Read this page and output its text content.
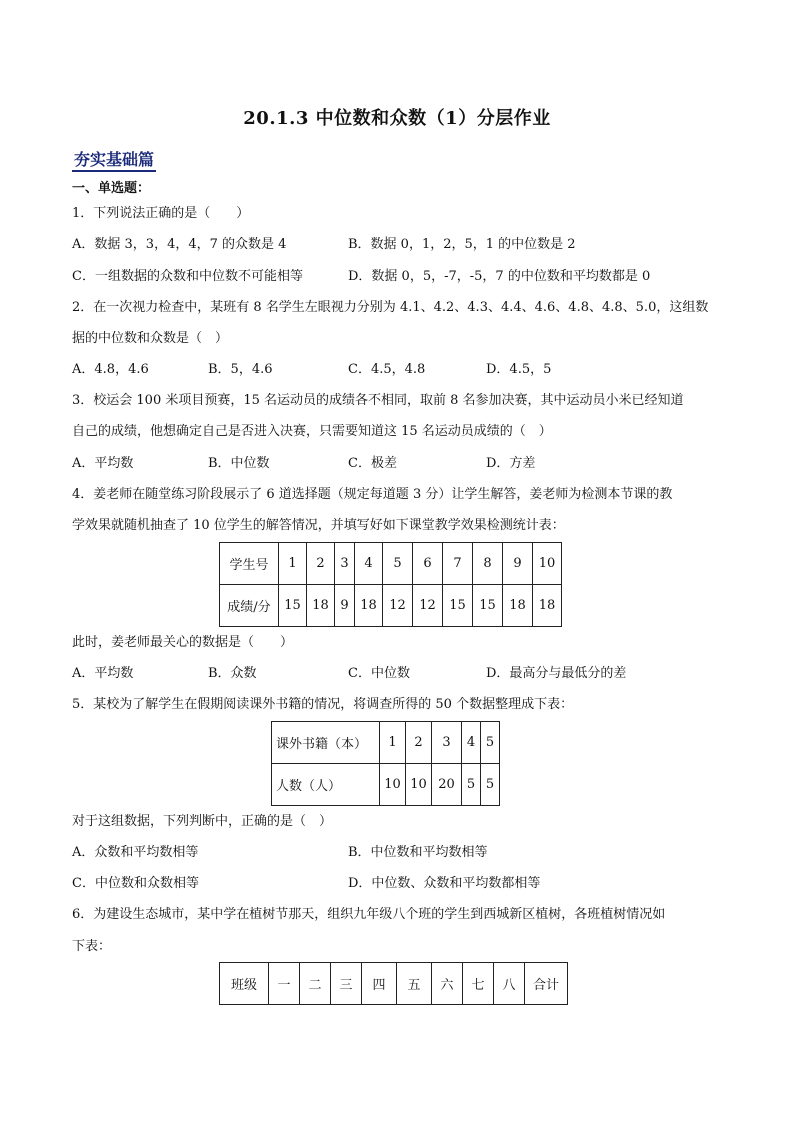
20.1.3 中位数和众数（1）分层作业
夯实基础篇
一、单选题：
1．下列说法正确的是（　　）
A．数据 3，3，4，4，7 的众数是 4	B．数据 0，1，2，5，1 的中位数是 2
C．一组数据的众数和中位数不可能相等	D．数据 0，5，-7，-5，7 的中位数和平均数都是 0
2．在一次视力检查中，某班有 8 名学生左眼视力分别为 4.1、4.2、4.3、4.4、4.6、4.8、4.8、5.0，这组数
据的中位数和众数是（　）
A．4.8，4.6	B．5，4.6	C．4.5，4.8	D．4.5，5
3．校运会 100 米项目预赛，15 名运动员的成绩各不相同，取前 8 名参加决赛，其中运动员小米已经知道
自己的成绩，他想确定自己是否进入决赛，只需要知道这 15 名运动员成绩的（　）
A．平均数	B．中位数	C．极差	D．方差
4．姜老师在随堂练习阶段展示了 6 道选择题（规定每道题 3 分）让学生解答，姜老师为检测本节课的教
学效果就随机抽查了 10 位学生的解答情况，并填写好如下课堂教学效果检测统计表：
学生号	1	2	3	4	5	6	7	8	9	10
成绩/分	15	18	9	18	12	12	15	15	18	18
此时，姜老师最关心的数据是（　　）
A．平均数	B．众数	C．中位数	D．最高分与最低分的差
5．某校为了解学生在假期阅读课外书籍的情况，将调查所得的 50 个数据整理成下表：
课外书籍（本）	1	2	3	4	5
人数（人）	10	10	20	5	5
对于这组数据，下列判断中，正确的是（　）
A．众数和平均数相等	B．中位数和平均数相等
C．中位数和众数相等	D．中位数、众数和平均数都相等
6．为建设生态城市，某中学在植树节那天，组织九年级八个班的学生到西城新区植树，各班植树情况如
下表：
班级	一	二	三	四	五	六	七	八	合计
